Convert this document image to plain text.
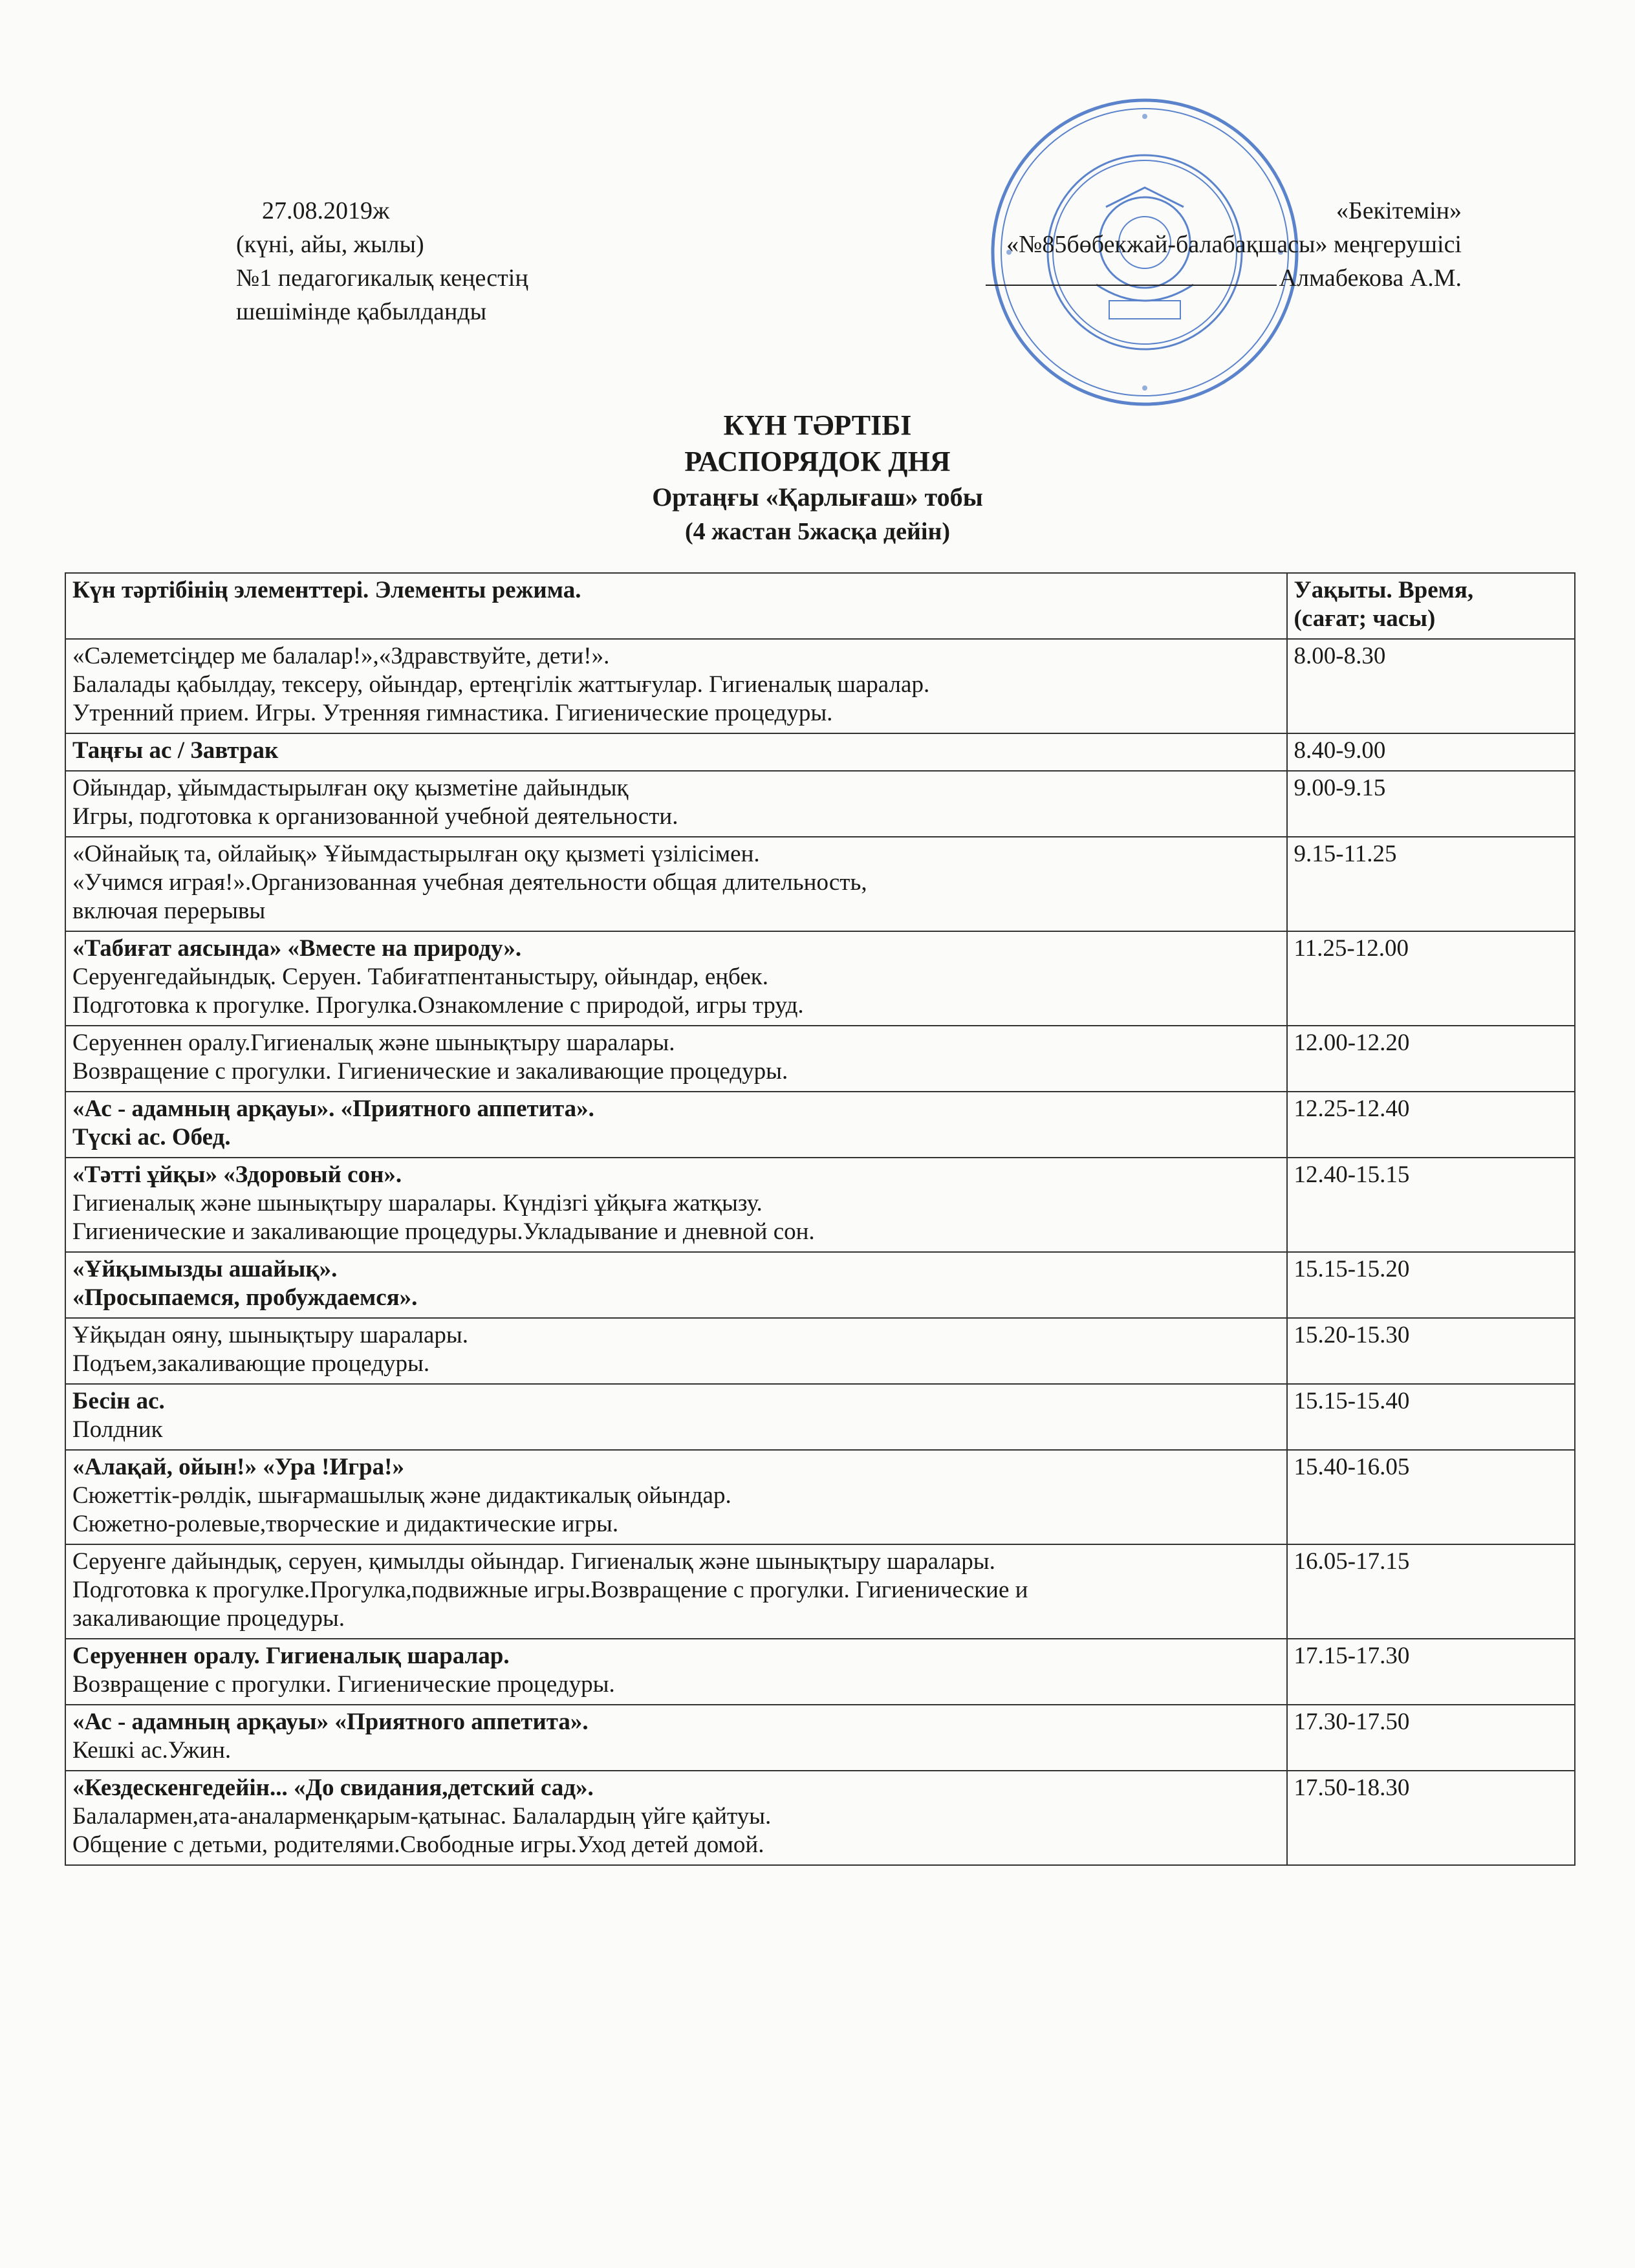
27.08.2019ж
(күні, айы, жылы)
№1 педагогикалық кеңестің
шешімінде қабылданды
«Бекітемін»
«№85бөбекжай-балабақшасы» меңгерушісі
Алмабекова А.М.
КҮН ТӘРТІБІ
РАСПОРЯДОК ДНЯ
Ортаңғы «Қарлығаш» тобы
(4 жастан 5жасқа дейін)
Күн тәртібінің элементтері. Элементы режима.	Уақыты. Время,
(сағат; часы)

«Сәлеметсіңдер ме балалар!»,«Здравствуйте, дети!».
Балалады қабылдау, тексеру, ойындар, ертеңгілік жаттығулар. Гигиеналық шаралар.
Утренний прием. Игры. Утренняя гимнастика. Гигиенические процедуры.	8.00-8.30

Таңғы ас / Завтрак	8.40-9.00

Ойындар, ұйымдастырылған оқу қызметіне дайындық
Игры, подготовка к организованной учебной деятельности.	9.00-9.15

«Ойнайық та, ойлайық» Ұйымдастырылған оқу қызметі үзілісімен.
«Учимся играя!».Организованная учебная деятельности общая длительность,
включая перерывы	9.15-11.25

«Табиғат аясында» «Вместе на природу».
Серуенгедайындық. Серуен. Табиғатпентаныстыру, ойындар, еңбек.
Подготовка к прогулке. Прогулка.Ознакомление с природой, игры труд.	11.25-12.00

Серуеннен оралу.Гигиеналық және шынықтыру шаралары.
Возвращение с прогулки. Гигиенические и закаливающие процедуры.	12.00-12.20

«Ас - адамның арқауы». «Приятного аппетита».
Түскі ас. Обед.	12.25-12.40

«Тәтті ұйқы» «Здоровый сон».
Гигиеналық және шынықтыру шаралары. Күндізгі ұйқыға жатқызу.
Гигиенические и закаливающие процедуры.Укладывание и дневной сон.	12.40-15.15

«Ұйқымызды ашайық».
«Просыпаемся, пробуждаемся».	15.15-15.20

Ұйқыдан ояну, шынықтыру шаралары.
Подъем,закаливающие процедуры.	15.20-15.30

Бесін ас.
Полдник	15.15-15.40

«Алақай, ойын!» «Ура !Игра!»
Сюжеттік-рөлдік, шығармашылық және дидактикалық ойындар.
Сюжетно-ролевые,творческие и дидактические игры.	15.40-16.05

Серуенге дайындық, серуен, қимылды ойындар. Гигиеналық және шынықтыру шаралары.
Подготовка к прогулке.Прогулка,подвижные игры.Возвращение с прогулки. Гигиенические и
закаливающие процедуры.	16.05-17.15

Серуеннен оралу. Гигиеналық шаралар.
Возвращение с прогулки. Гигиенические процедуры.	17.15-17.30

«Ас - адамның арқауы» «Приятного аппетита».
Кешкі ас.Ужин.	17.30-17.50

«Кездескенгедейін... «До свидания,детский сад».
Балалармен,ата-аналарменқарым-қатынас. Балалардың үйге қайтуы.
Общение с детьми, родителями.Свободные игры.Уход детей домой.	17.50-18.30
